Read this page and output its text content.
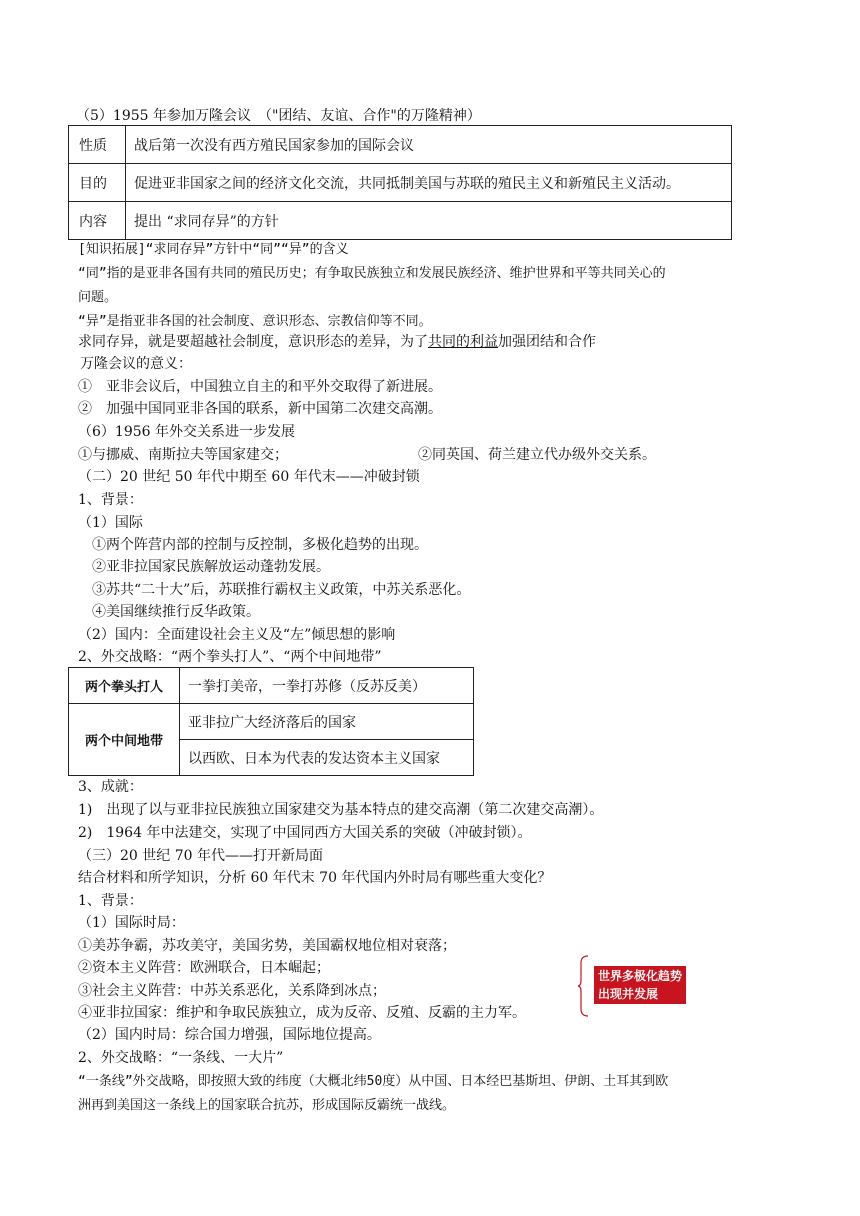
（5）1955 年参加万隆会议　（"团结、友谊、合作"的万隆精神）
性质	战后第一次没有西方殖民国家参加的国际会议
目的	促进亚非国家之间的经济文化交流，共同抵制美国与苏联的殖民主义和新殖民主义活动。
内容	提出 “求同存异”的方针
[知识拓展]“求同存异”方针中“同”“异”的含义
“同”指的是亚非各国有共同的殖民历史；有争取民族独立和发展民族经济、维护世界和平等共同关心的
问题。
“异”是指亚非各国的社会制度、意识形态、宗教信仰等不同。
求同存异，就是要超越社会制度，意识形态的差异，为了共同的利益加强团结和合作
万隆会议的意义：
①　亚非会议后，中国独立自主的和平外交取得了新进展。
②　加强中国同亚非各国的联系，新中国第二次建交高潮。
（6）1956 年外交关系进一步发展
①与挪威、南斯拉夫等国家建交；	②同英国、荷兰建立代办级外交关系。
（二）20 世纪 50 年代中期至 60 年代末——冲破封锁
1、背景：
（1）国际
①两个阵营内部的控制与反控制，多极化趋势的出现。
②亚非拉国家民族解放运动蓬勃发展。
③苏共“二十大”后，苏联推行霸权主义政策，中苏关系恶化。
④美国继续推行反华政策。
（2）国内：全面建设社会主义及“左”倾思想的影响
2、外交战略：“两个拳头打人”、“两个中间地带”
两个拳头打人	一拳打美帝，一拳打苏修（反苏反美）
两个中间地带	亚非拉广大经济落后的国家
	以西欧、日本为代表的发达资本主义国家
3、成就：
1)　出现了以与亚非拉民族独立国家建交为基本特点的建交高潮（第二次建交高潮）。
2)　1964 年中法建交，实现了中国同西方大国关系的突破（冲破封锁）。
（三）20 世纪 70 年代——打开新局面
结合材料和所学知识，分析 60 年代末 70 年代国内外时局有哪些重大变化？
1、背景：
（1）国际时局：
①美苏争霸，苏攻美守，美国劣势，美国霸权地位相对衰落；
②资本主义阵营：欧洲联合，日本崛起；
③社会主义阵营：中苏关系恶化，关系降到冰点；
④亚非拉国家：维护和争取民族独立，成为反帝、反殖、反霸的主力军。
世界多极化趋势出现并发展
（2）国内时局：综合国力增强，国际地位提高。
2、外交战略：“一条线、一大片”
“一条线”外交战略，即按照大致的纬度（大概北纬50度）从中国、日本经巴基斯坦、伊朗、土耳其到欧
洲再到美国这一条线上的国家联合抗苏，形成国际反霸统一战线。
